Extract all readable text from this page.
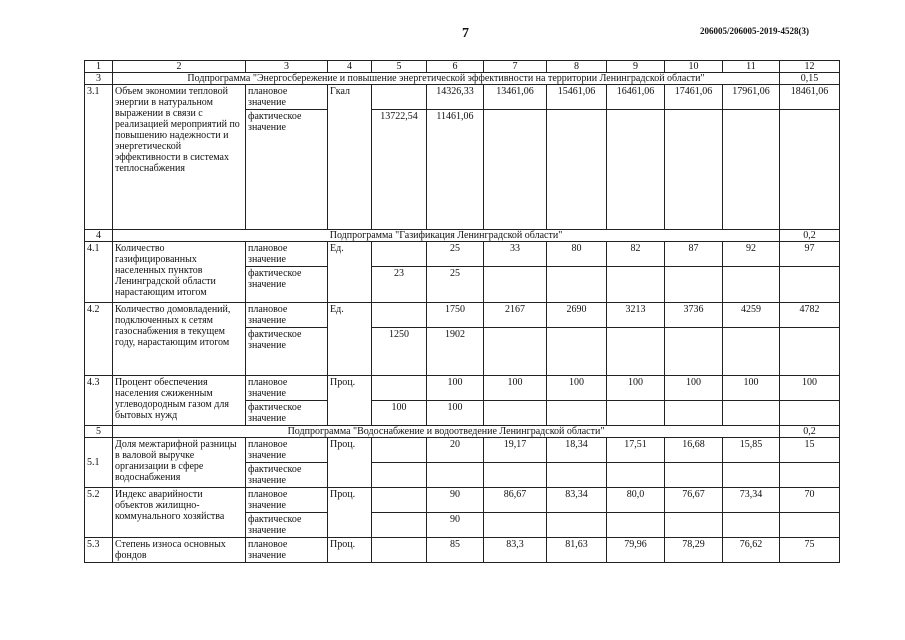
7	206005/206005-2019-4528(3)
1	2	3	4	5	6	7	8	9	10	11	12	
3	Подпрограмма "Энергосбережение и повышение энергетической эффективности на территории Ленинградской области"										0,15	
3.1	Объем экономии тепловой энергии в натуральном выражении в связи с реализацией мероприятий по повышению надежности и энергетической эффективности в системах теплоснабжения	плановое значение	Гкал		14326,33	13461,06	15461,06	16461,06	17461,06	17961,06	18461,06	
		фактическое значение		13722,54	11461,06							
4	Подпрограмма "Газификация Ленинградской области"										0,2	
4.1	Количество газифицированных населенных пунктов Ленинградской области нарастающим итогом	плановое значение	Ед.		25	33	80	82	87	92	97	
		фактическое значение		23	25							
4.2	Количество домовладений, подключенных к сетям газоснабжения в текущем году, нарастающим итогом	плановое значение	Ед.		1750	2167	2690	3213	3736	4259	4782	
		фактическое значение		1250	1902							
4.3	Процент обеспечения населения сжиженным углеводородным газом для бытовых нужд	плановое значение	Проц.		100	100	100	100	100	100	100	
		фактическое значение		100	100							
5	Подпрограмма "Водоснабжение и водоотведение Ленинградской области"										0,2	
5.1	Доля межтарифной разницы в валовой выручке организации в сфере водоснабжения	плановое значение	Проц.		20	19,17	18,34	17,51	16,68	15,85	15	
		фактическое значение										
5.2	Индекс аварийности объектов жилищно-коммунального хозяйства	плановое значение	Проц.		90	86,67	83,34	80,0	76,67	73,34	70	
		фактическое значение			90							
5.3	Степень износа основных фондов	плановое значение	Проц.		85	83,3	81,63	79,96	78,29	76,62	75	
